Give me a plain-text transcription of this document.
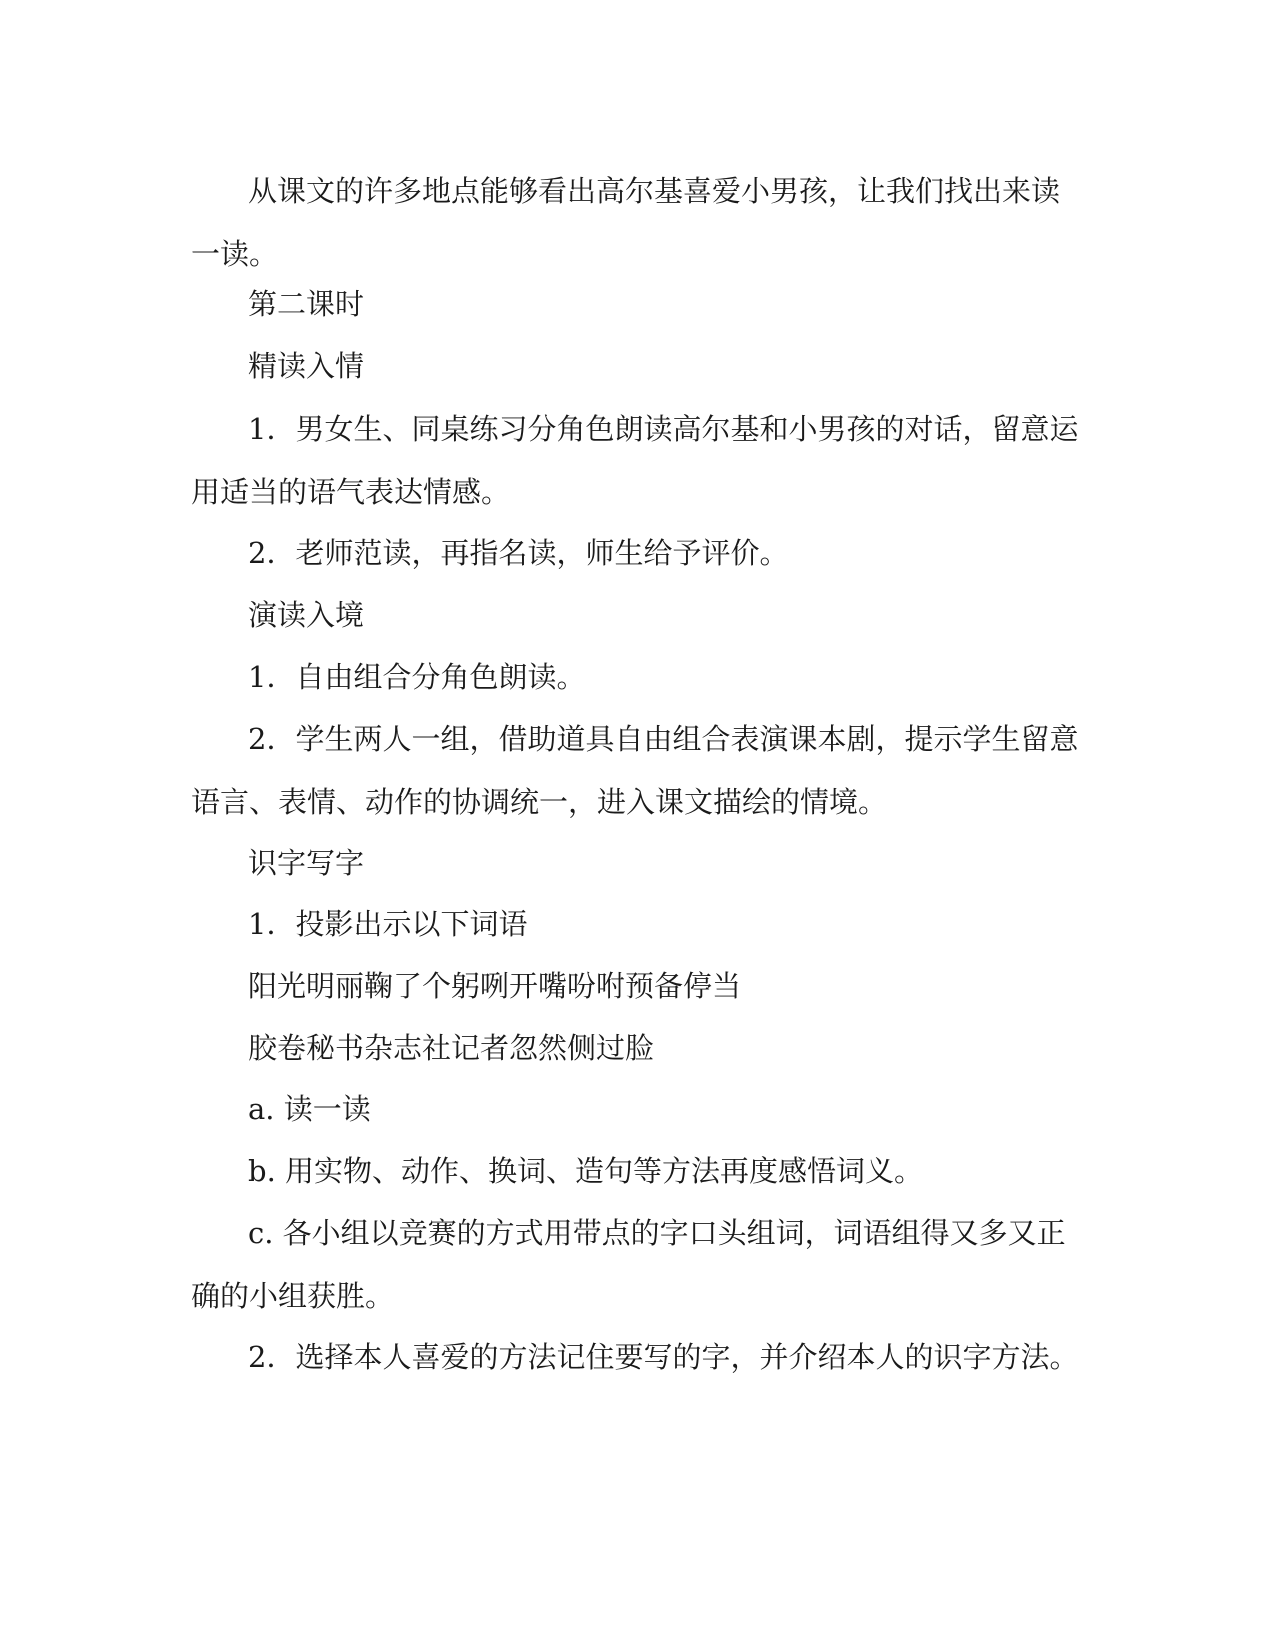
从课文的许多地点能够看出高尔基喜爱小男孩，让我们找出来读一读。

第二课时

精读入情

1．男女生、同桌练习分角色朗读高尔基和小男孩的对话，留意运用适当的语气表达情感。

2．老师范读，再指名读，师生给予评价。

演读入境

1．自由组合分角色朗读。

2．学生两人一组，借助道具自由组合表演课本剧，提示学生留意语言、表情、动作的协调统一，进入课文描绘的情境。

识字写字

1．投影出示以下词语

阳光明丽鞠了个躬咧开嘴吩咐预备停当

胶卷秘书杂志社记者忽然侧过脸

a. 读一读

b. 用实物、动作、换词、造句等方法再度感悟词义。

c. 各小组以竞赛的方式用带点的字口头组词，词语组得又多又正确的小组获胜。

2．选择本人喜爱的方法记住要写的字，并介绍本人的识字方法。
